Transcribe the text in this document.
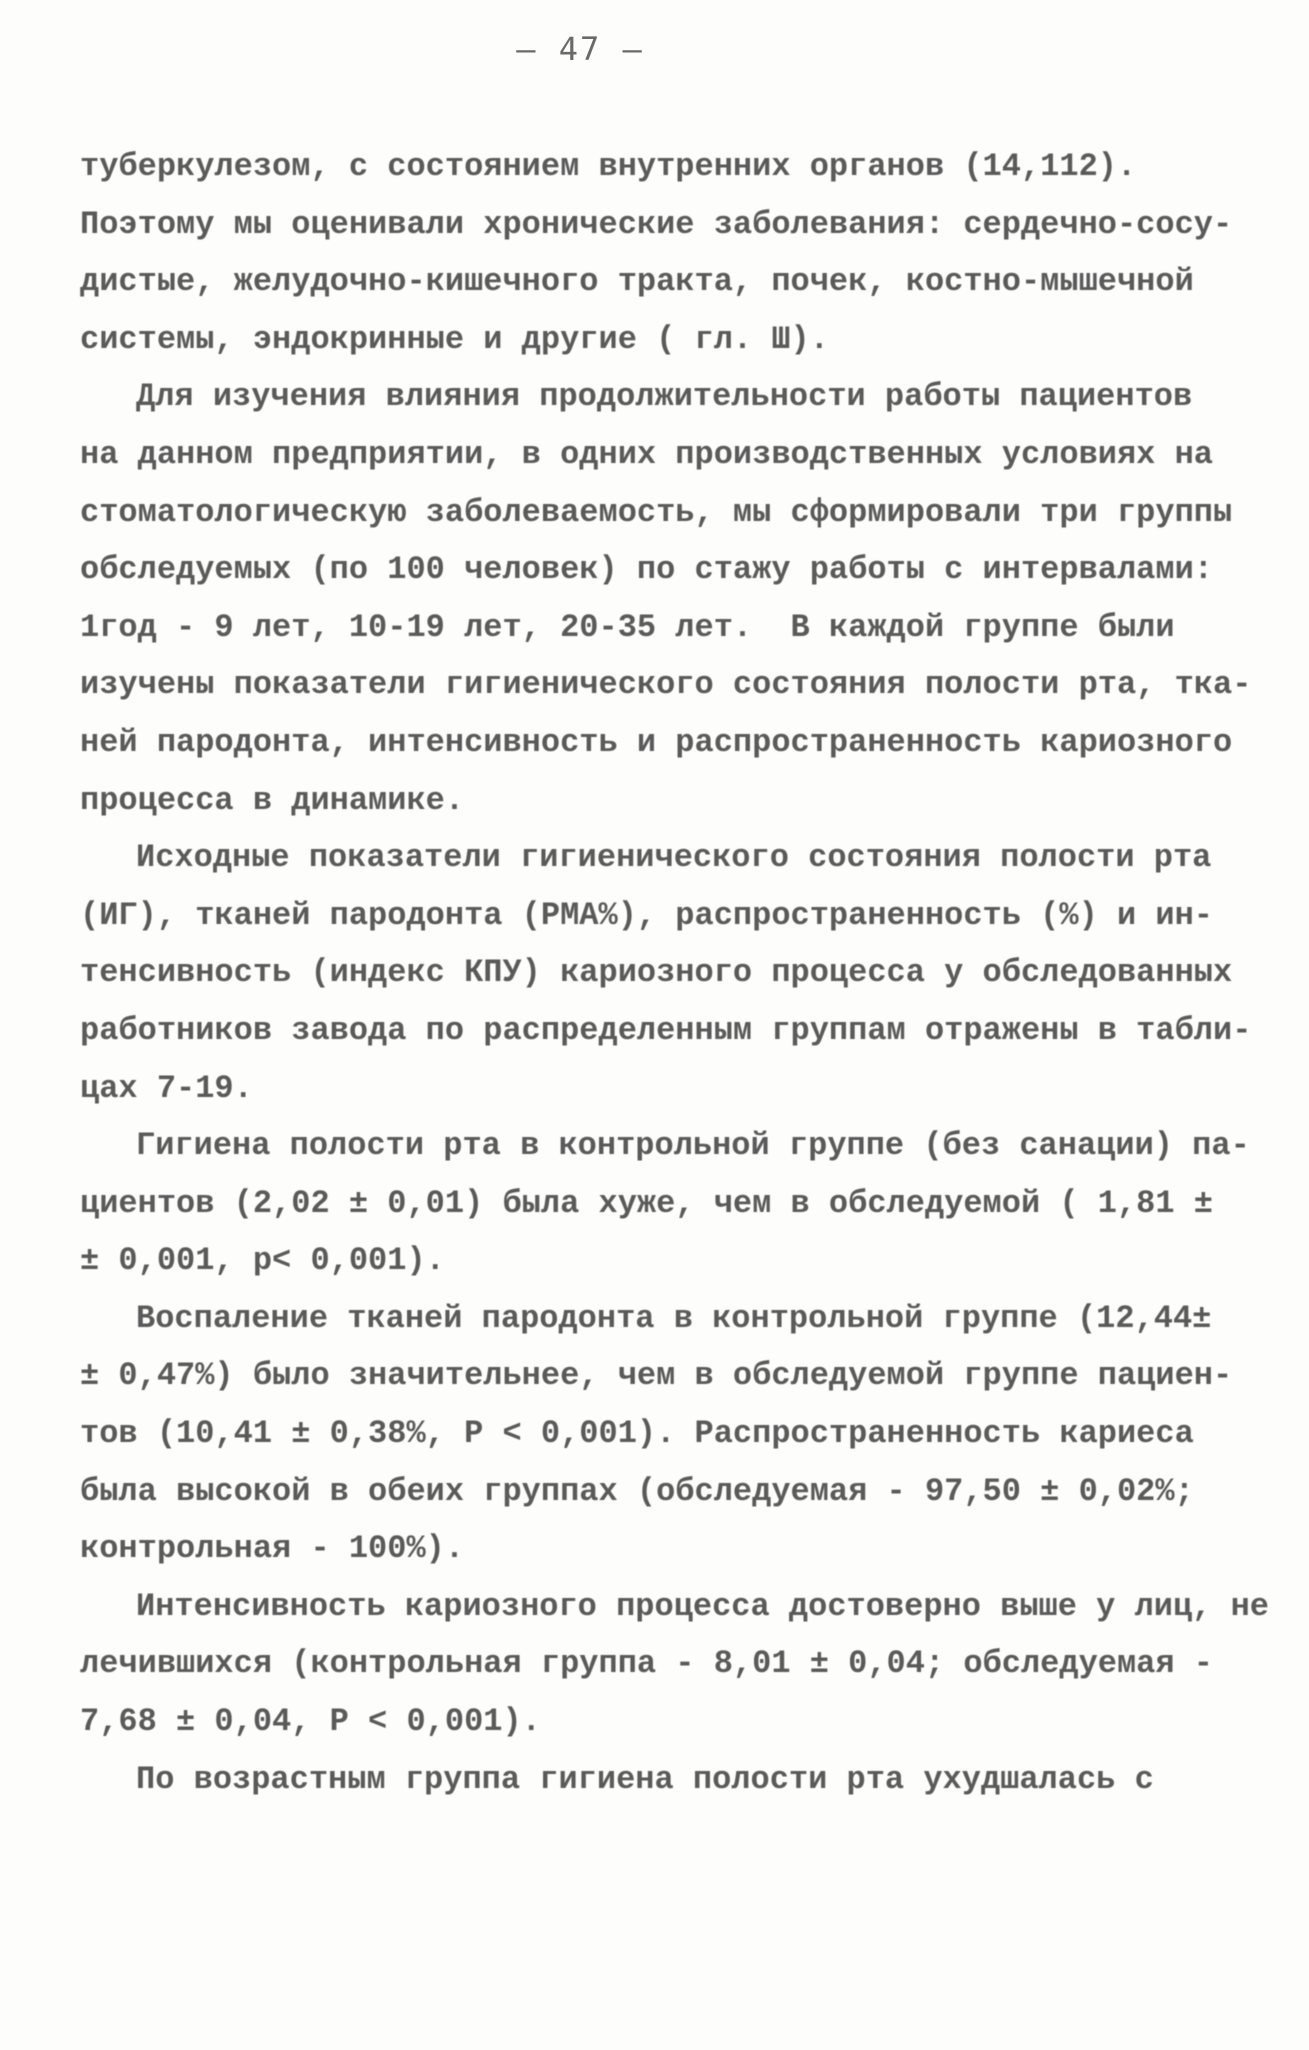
– 47 –
туберкулезом, с состоянием внутренних органов (14,112).
Поэтому мы оценивали хронические заболевания: сердечно-сосу-
дистые, желудочно-кишечного тракта, почек, костно-мышечной
системы, эндокринные и другие ( гл. Ш).
Для изучения влияния продолжительности работы пациентов
на данном предприятии, в одних производственных условиях на
стоматологическую заболеваемость, мы сформировали три группы
обследуемых (по 100 человек) по стажу работы с интервалами:
1год - 9 лет, 10-19 лет, 20-35 лет.  В каждой группе были
изучены показатели гигиенического состояния полости рта, тка-
ней пародонта, интенсивность и распространенность кариозного
процесса в динамике.
Исходные показатели гигиенического состояния полости рта
(ИГ), тканей пародонта (РМА%), распространенность (%) и ин-
тенсивность (индекс КПУ) кариозного процесса у обследованных
работников завода по распределенным группам отражены в табли-
цах 7-19.
Гигиена полости рта в контрольной группе (без санации) па-
циентов (2,02 ± 0,01) была хуже, чем в обследуемой ( 1,81 ±
± 0,001, р< 0,001).
Воспаление тканей пародонта в контрольной группе (12,44±
± 0,47%) было значительнее, чем в обследуемой группе пациен-
тов (10,41 ± 0,38%, Р < 0,001). Распространенность кариеса
была высокой в обеих группах (обследуемая - 97,50 ± 0,02%;
контрольная - 100%).
Интенсивность кариозного процесса достоверно выше у лиц, не
лечившихся (контрольная группа - 8,01 ± 0,04; обследуемая -
7,68 ± 0,04, Р < 0,001).
По возрастным группа гигиена полости рта ухудшалась с
